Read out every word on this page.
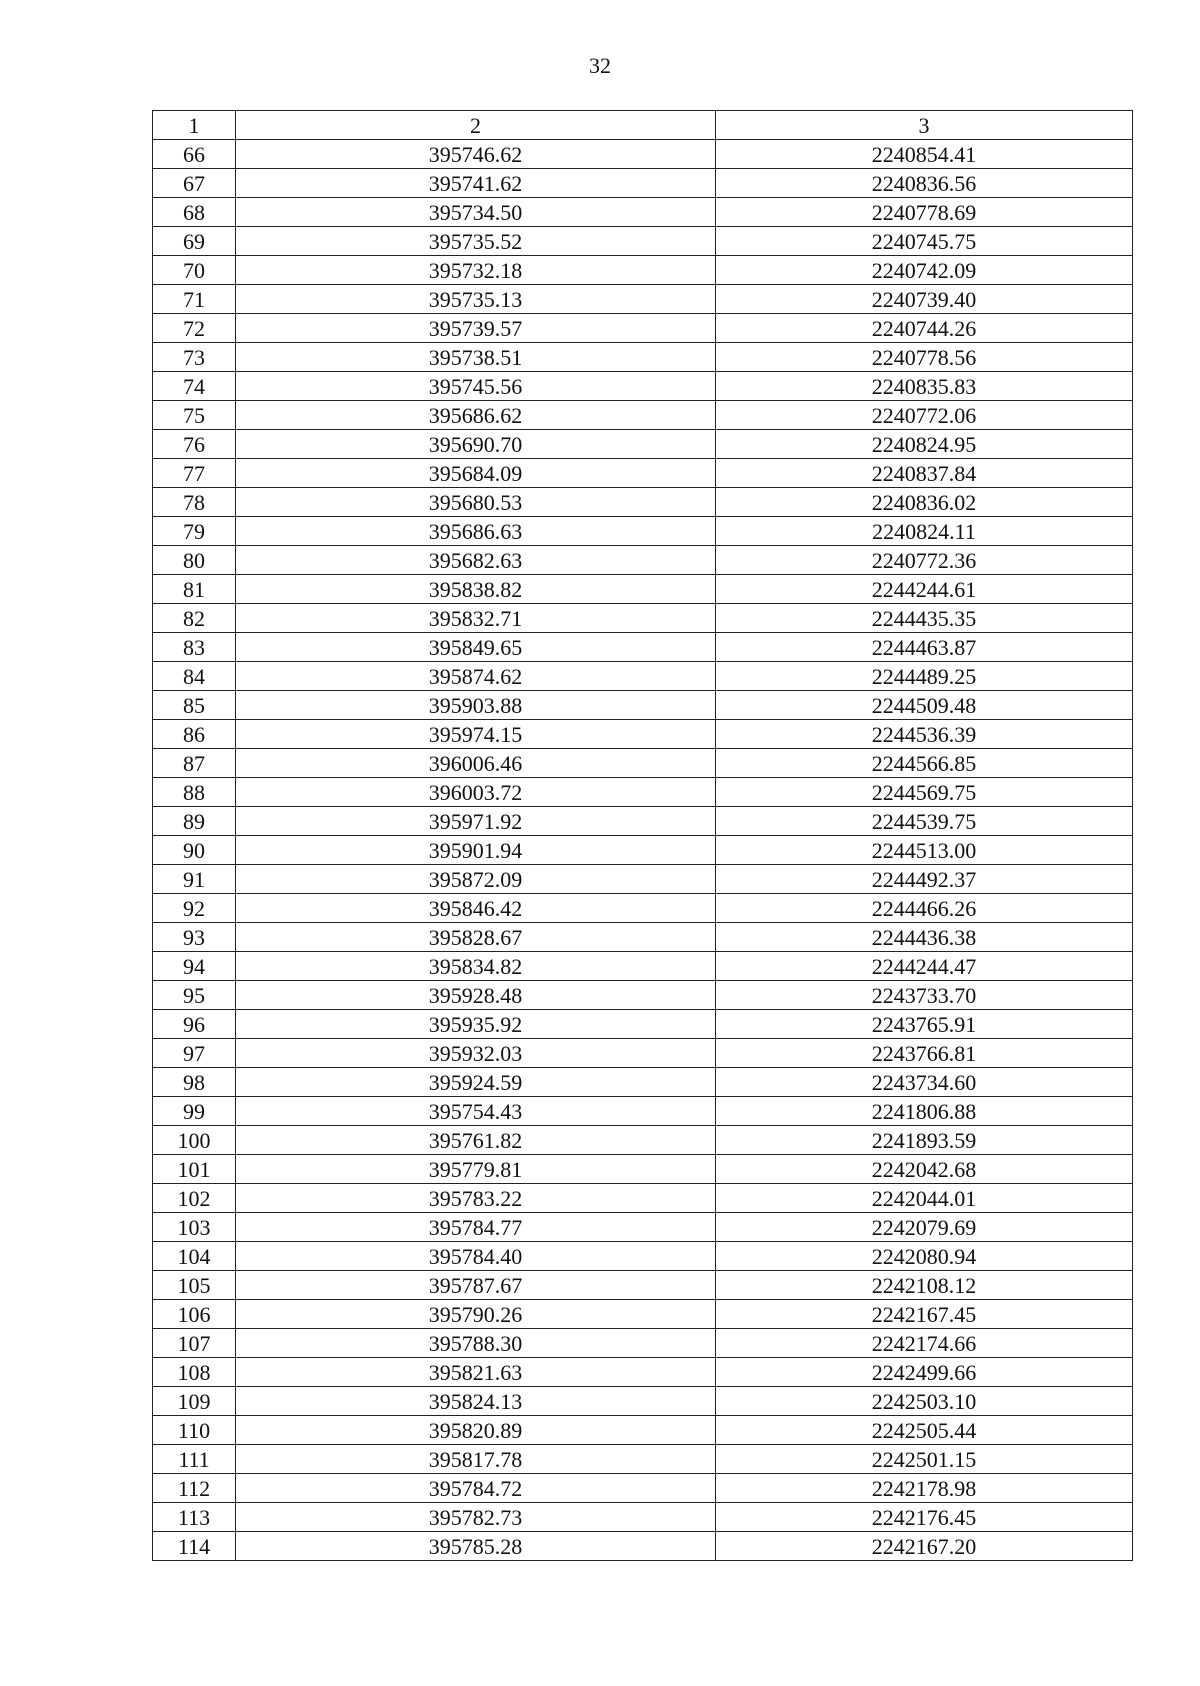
32
1	2	3
66	395746.62	2240854.41
67	395741.62	2240836.56
68	395734.50	2240778.69
69	395735.52	2240745.75
70	395732.18	2240742.09
71	395735.13	2240739.40
72	395739.57	2240744.26
73	395738.51	2240778.56
74	395745.56	2240835.83
75	395686.62	2240772.06
76	395690.70	2240824.95
77	395684.09	2240837.84
78	395680.53	2240836.02
79	395686.63	2240824.11
80	395682.63	2240772.36
81	395838.82	2244244.61
82	395832.71	2244435.35
83	395849.65	2244463.87
84	395874.62	2244489.25
85	395903.88	2244509.48
86	395974.15	2244536.39
87	396006.46	2244566.85
88	396003.72	2244569.75
89	395971.92	2244539.75
90	395901.94	2244513.00
91	395872.09	2244492.37
92	395846.42	2244466.26
93	395828.67	2244436.38
94	395834.82	2244244.47
95	395928.48	2243733.70
96	395935.92	2243765.91
97	395932.03	2243766.81
98	395924.59	2243734.60
99	395754.43	2241806.88
100	395761.82	2241893.59
101	395779.81	2242042.68
102	395783.22	2242044.01
103	395784.77	2242079.69
104	395784.40	2242080.94
105	395787.67	2242108.12
106	395790.26	2242167.45
107	395788.30	2242174.66
108	395821.63	2242499.66
109	395824.13	2242503.10
110	395820.89	2242505.44
111	395817.78	2242501.15
112	395784.72	2242178.98
113	395782.73	2242176.45
114	395785.28	2242167.20
